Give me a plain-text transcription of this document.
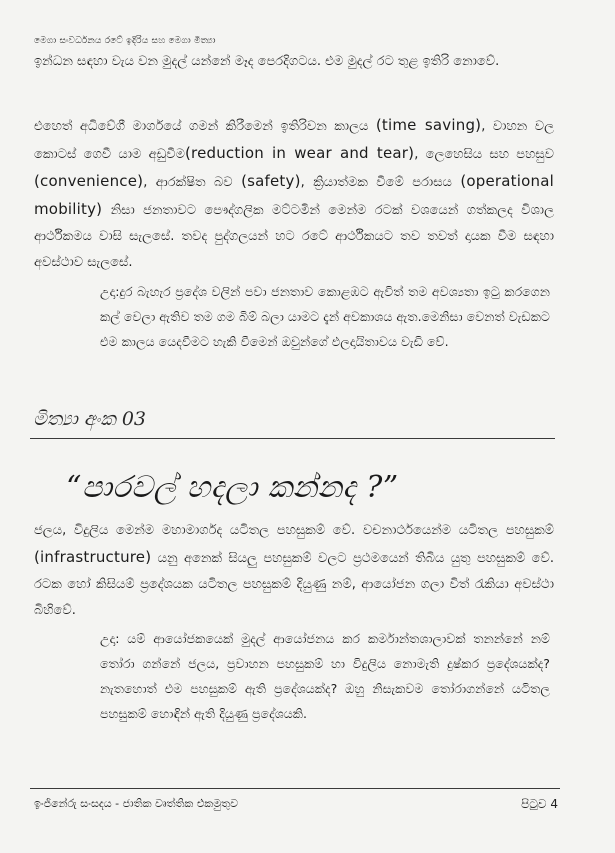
මෙගා සංවර්ධනය රටේ ඉදිරිය සහ මෙගා මිත්‍යා

ඉන්ධන සඳහා වැය වන මුදල් යන්නේ මෑද පෙරදිගටය. එම මුදල් රට තුළ ඉතිරි නොවේ.

එහෙත් අධිවේගී මාර්ගයේ ගමන් කිරීමෙන් ඉතිරිවන කාලය (time saving), වාහන වල කොටස් ගෙවී යාම අඩුවීම(reduction in wear and tear), ලෙහෙසිය සහ පහසුව (convenience), ආරක්ෂිත බව (safety), ක්‍රියාත්මක වීමේ පරාසය (operational mobility) නිසා ජනතාවට පෞද්ගලික මට්ටමින් මෙන්ම රටක් වශයෙන් ගත්කලද විශාල ආර්ථිකමය වාසි සැලසේ. තවද පුද්ගලයන් හට රටේ ආර්ථිකයට තව තවත් දායක වීම සඳහා අවස්ථාව සැලසේ.

උදා:දුර බැහැර ප්‍රදේශ වලින් පවා ජනතාව කොළඹට ඇවිත් තම අවශ්‍යතා ඉටු කරගෙන කල් වෙලා ඇතිව තම ගම බිම් බලා යාමට දැන් අවකාශය ඇත.මෙනිසා වෙනත් වැඩකට එම කාලය යෙදවීමට හැකි වීමෙන් ඔවුන්ගේ ඵලදායිතාවය වැඩි වේ.

මිත්‍යා අංක 03
“පාරවල් හදලා කන්නද ?”

ජලය, විදුලිය මෙන්ම මහාමාර්ගද යටිතල පහසුකම් වේ. වචනාර්ථයෙන්ම යටිතල පහසුකම් (infrastructure) යනු අනෙක් සියලු පහසුකම් වලට ප්‍රථමයෙන් තිබිය යුතු පහසුකම් වේ. රටක හෝ කිසියම් ප්‍රදේශයක යටිතල පහසුකම් දියුණු නම්, ආයෝජන ගලා විත් රැකියා අවස්ථා බිහිවේ.

උදා: යම් ආයෝජකයෙක් මුදල් ආයෝජනය කර කර්මාන්තශාලාවක් තනන්නේ නම් තෝරා ගන්නේ ජලය, ප්‍රවාහන පහසුකම් හා විදුලිය නොමැති දුෂ්කර ප්‍රදේශයක්ද? නැතහොත් එම පහසුකම් ඇති ප්‍රදේශයක්ද? ඔහු නිසැකවම තෝරාගන්නේ යටිතල පහසුකම් හොඳින් ඇති දියුණු ප්‍රදේශයකි.

ඉංජිනේරු සංසදය - ජාතික වෘත්තික එකමුතුව	පිටුව 4
